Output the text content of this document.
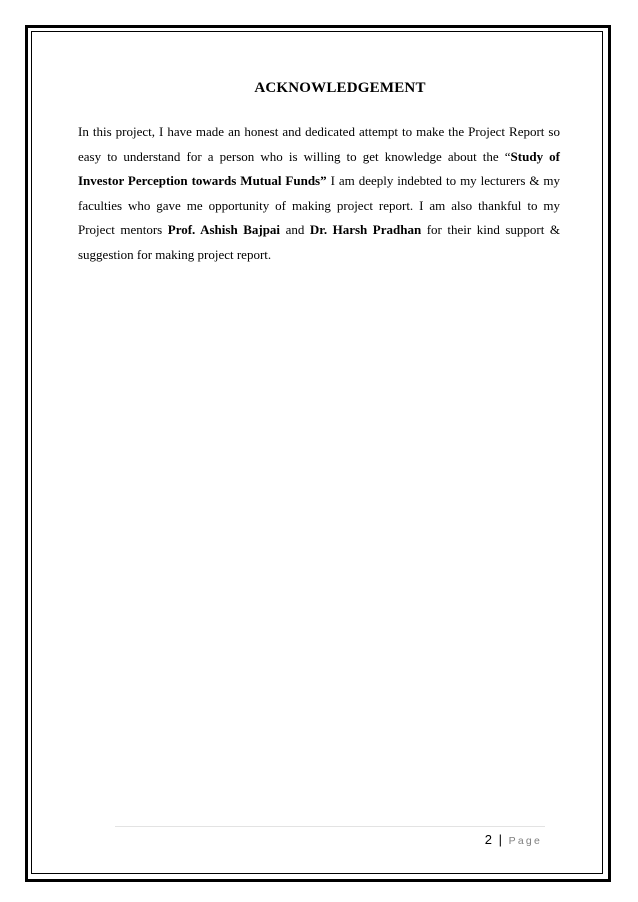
ACKNOWLEDGEMENT

In this project, I have made an honest and dedicated attempt to make the Project Report so easy to understand for a person who is willing to get knowledge about the “Study of Investor Perception towards Mutual Funds” I am deeply indebted to my lecturers & my faculties who gave me opportunity of making project report. I am also thankful to my Project mentors Prof. Ashish Bajpai and Dr. Harsh Pradhan for their kind support & suggestion for making project report.

2 | Page
